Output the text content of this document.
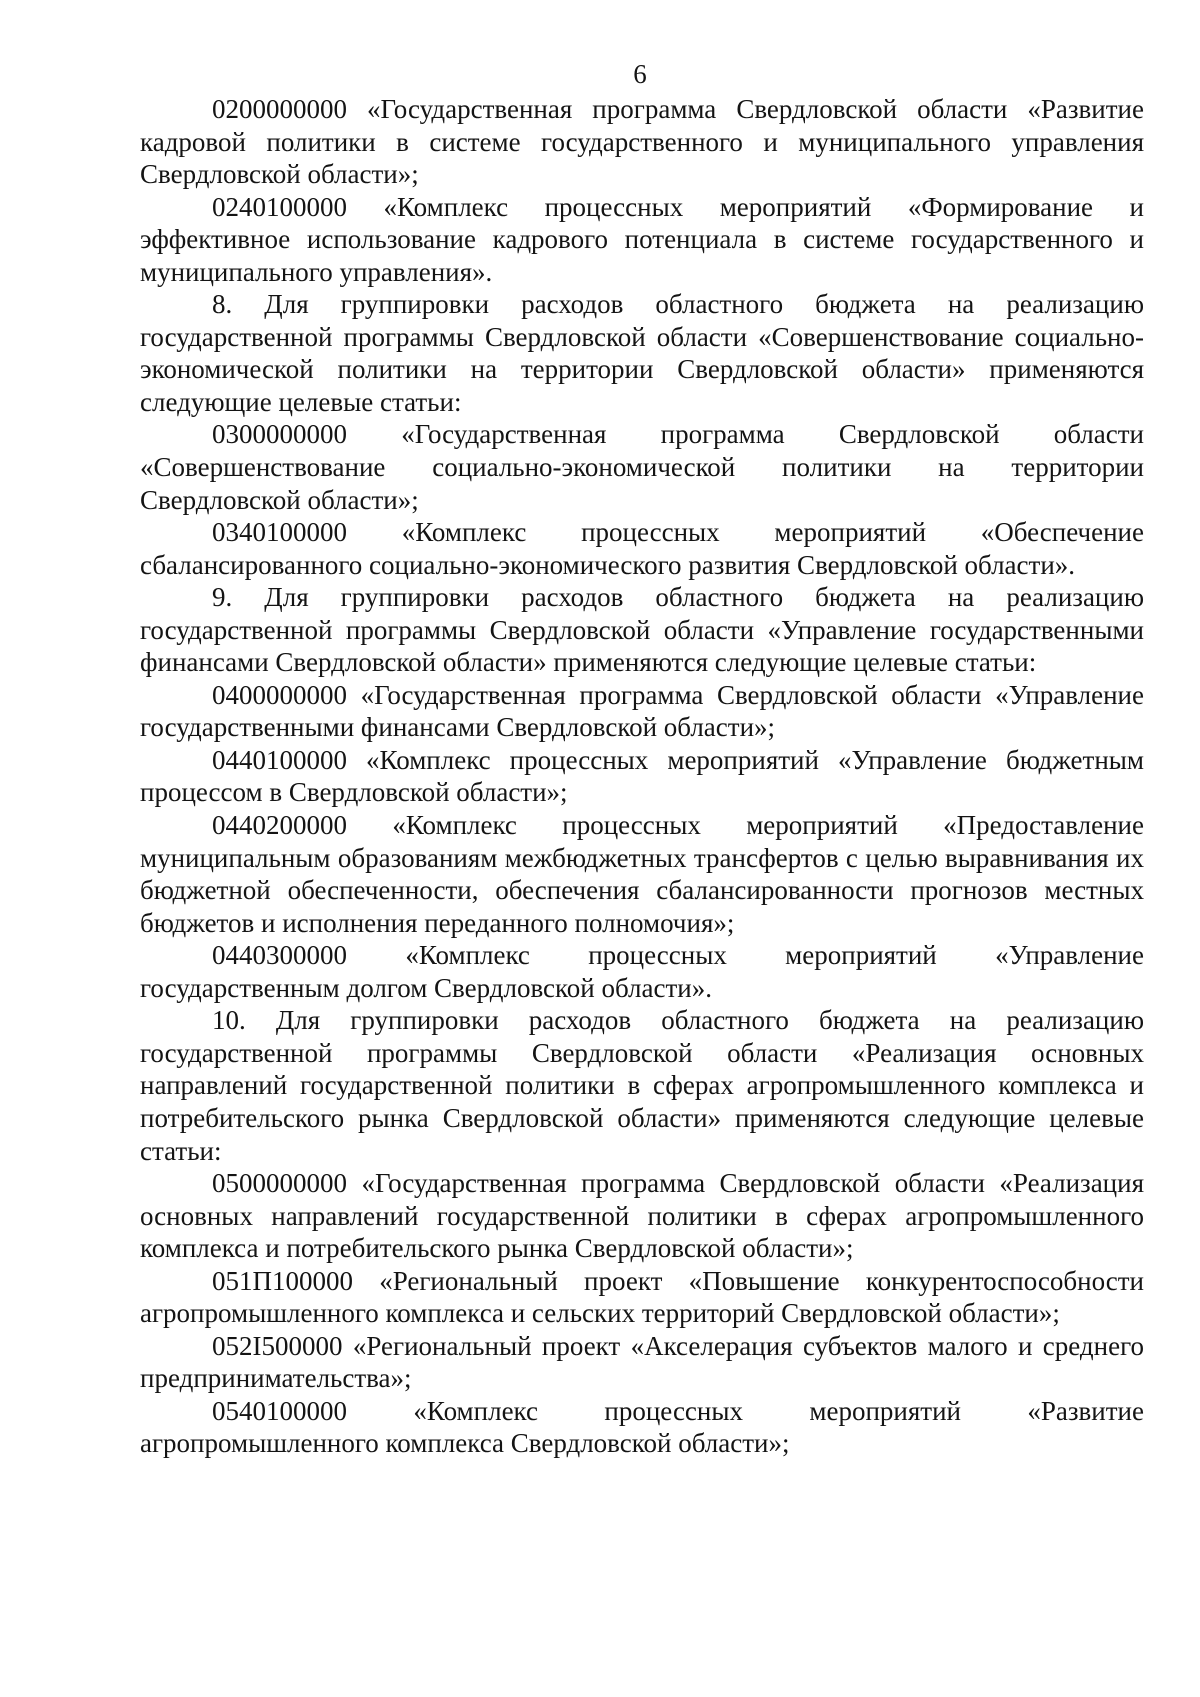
6

0200000000 «Государственная программа Свердловской области «Развитие кадровой политики в системе государственного и муниципального управления Свердловской области»;

0240100000 «Комплекс процессных мероприятий «Формирование и эффективное использование кадрового потенциала в системе государственного и муниципального управления».

8. Для группировки расходов областного бюджета на реализацию государственной программы Свердловской области «Совершенствование социально-экономической политики на территории Свердловской области» применяются следующие целевые статьи:

0300000000 «Государственная программа Свердловской области «Совершенствование социально-экономической политики на территории Свердловской области»;

0340100000 «Комплекс процессных мероприятий «Обеспечение сбалансированного социально-экономического развития Свердловской области».

9. Для группировки расходов областного бюджета на реализацию государственной программы Свердловской области «Управление государственными финансами Свердловской области» применяются следующие целевые статьи:

0400000000 «Государственная программа Свердловской области «Управление государственными финансами Свердловской области»;

0440100000 «Комплекс процессных мероприятий «Управление бюджетным процессом в Свердловской области»;

0440200000 «Комплекс процессных мероприятий «Предоставление муниципальным образованиям межбюджетных трансфертов с целью выравнивания их бюджетной обеспеченности, обеспечения сбалансированности прогнозов местных бюджетов и исполнения переданного полномочия»;

0440300000 «Комплекс процессных мероприятий «Управление государственным долгом Свердловской области».

10. Для группировки расходов областного бюджета на реализацию государственной программы Свердловской области «Реализация основных направлений государственной политики в сферах агропромышленного комплекса и потребительского рынка Свердловской области» применяются следующие целевые статьи:

0500000000 «Государственная программа Свердловской области «Реализация основных направлений государственной политики в сферах агропромышленного комплекса и потребительского рынка Свердловской области»;

051П100000 «Региональный проект «Повышение конкурентоспособности агропромышленного комплекса и сельских территорий Свердловской области»;

052I500000 «Региональный проект «Акселерация субъектов малого и среднего предпринимательства»;

0540100000 «Комплекс процессных мероприятий «Развитие агропромышленного комплекса Свердловской области»;
